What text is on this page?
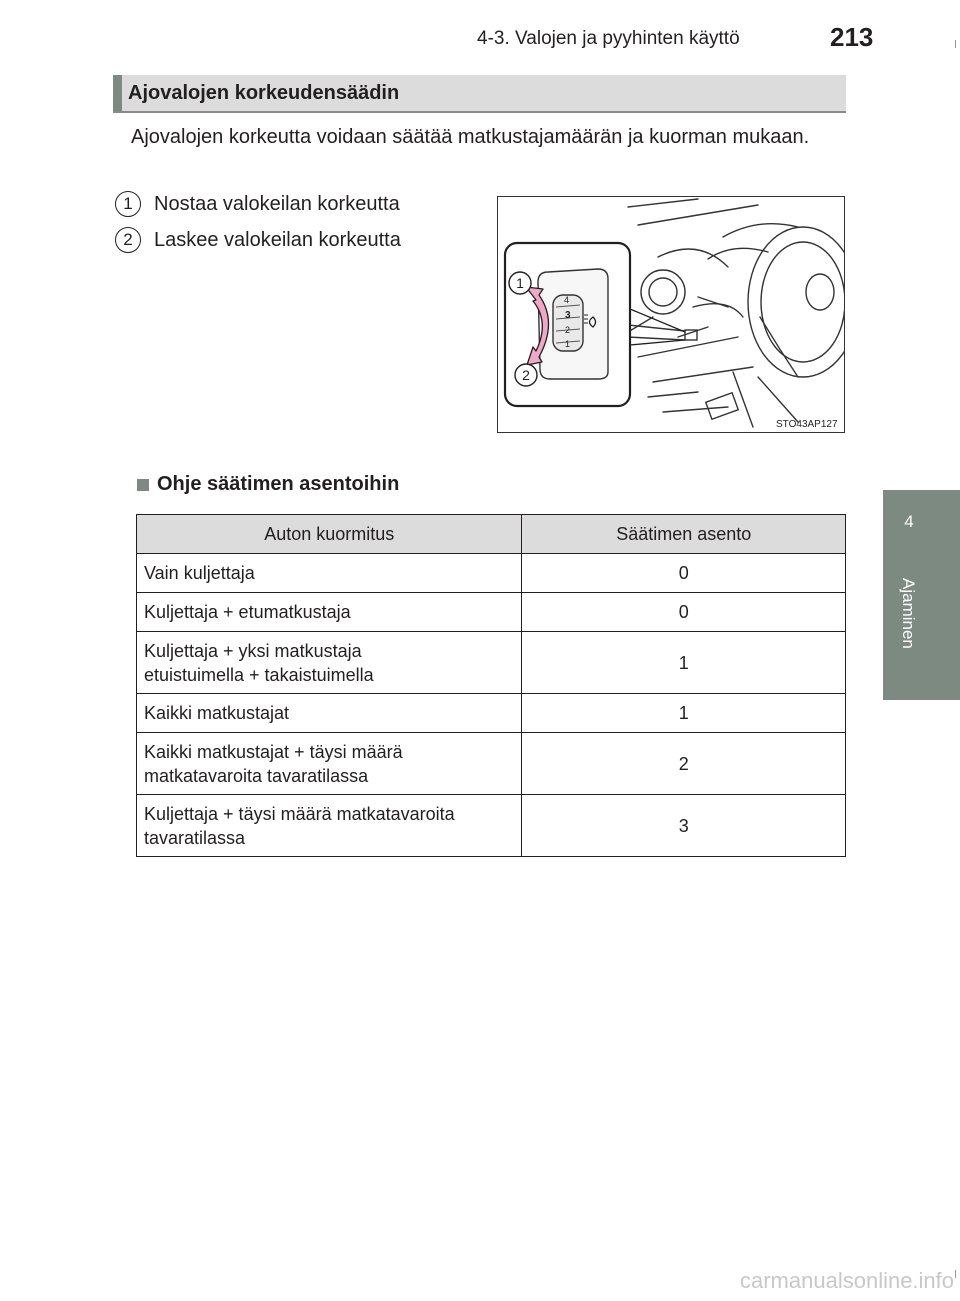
4-3. Valojen ja pyyhinten käyttö	213
4
Ajaminen
Ajovalojen korkeudensäädin
Ajovalojen korkeutta voidaan säätää matkustajamäärän ja kuorman mukaan.
1	Nostaa valokeilan korkeutta
2	Laskee valokeilan korkeutta
4
3
2
1
1
2
STO43AP127
Ohje säätimen asentoihin
Auton kuormitus	Säätimen asento
Vain kuljettaja	0
Kuljettaja + etumatkustaja	0
Kuljettaja + yksi matkustaja
etuistuimella + takaistuimella	1
Kaikki matkustajat	1
Kaikki matkustajat + täysi määrä
matkatavaroita tavaratilassa	2
Kuljettaja + täysi määrä matkatavaroita
tavaratilassa	3
carmanualsonline.info
